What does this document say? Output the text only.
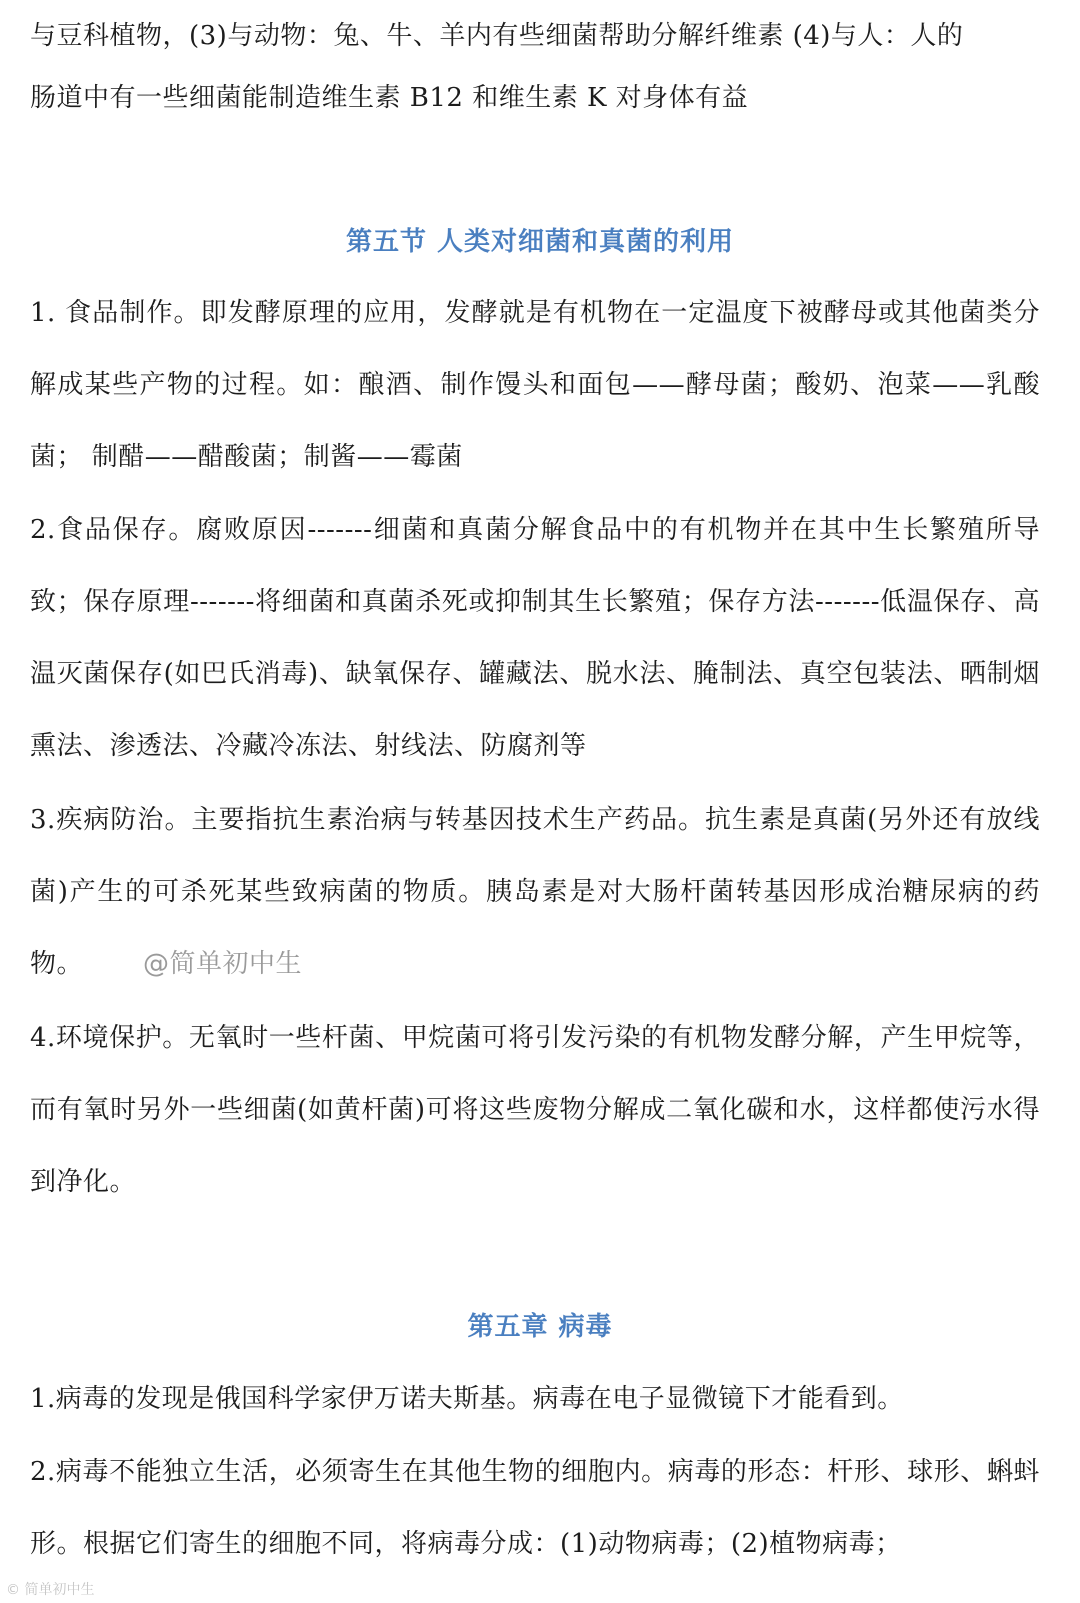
与豆科植物，(3)与动物：兔、牛、羊内有些细菌帮助分解纤维素 (4)与人：人的

肠道中有一些细菌能制造维生素 B12 和维生素 K 对身体有益

第五节 人类对细菌和真菌的利用

1. 食品制作。即发酵原理的应用，发酵就是有机物在一定温度下被酵母或其他菌类分解成某些产物的过程。如：酿酒、制作馒头和面包——酵母菌；酸奶、泡菜——乳酸菌； 制醋——醋酸菌；制酱——霉菌

2.食品保存。腐败原因-------细菌和真菌分解食品中的有机物并在其中生长繁殖所导致；保存原理-------将细菌和真菌杀死或抑制其生长繁殖；保存方法-------低温保存、高温灭菌保存(如巴氏消毒)、缺氧保存、罐藏法、脱水法、腌制法、真空包装法、晒制烟熏法、渗透法、冷藏冷冻法、射线法、防腐剂等

3.疾病防治。主要指抗生素治病与转基因技术生产药品。抗生素是真菌(另外还有放线菌)产生的可杀死某些致病菌的物质。胰岛素是对大肠杆菌转基因形成治糖尿病的药物。 @简单初中生

4.环境保护。无氧时一些杆菌、甲烷菌可将引发污染的有机物发酵分解，产生甲烷等，而有氧时另外一些细菌(如黄杆菌)可将这些废物分解成二氧化碳和水，这样都使污水得到净化。

第五章 病毒

1.病毒的发现是俄国科学家伊万诺夫斯基。病毒在电子显微镜下才能看到。

2.病毒不能独立生活，必须寄生在其他生物的细胞内。病毒的形态：杆形、球形、蝌蚪形。根据它们寄生的细胞不同，将病毒分成：(1)动物病毒；(2)植物病毒；

© 简单初中生
